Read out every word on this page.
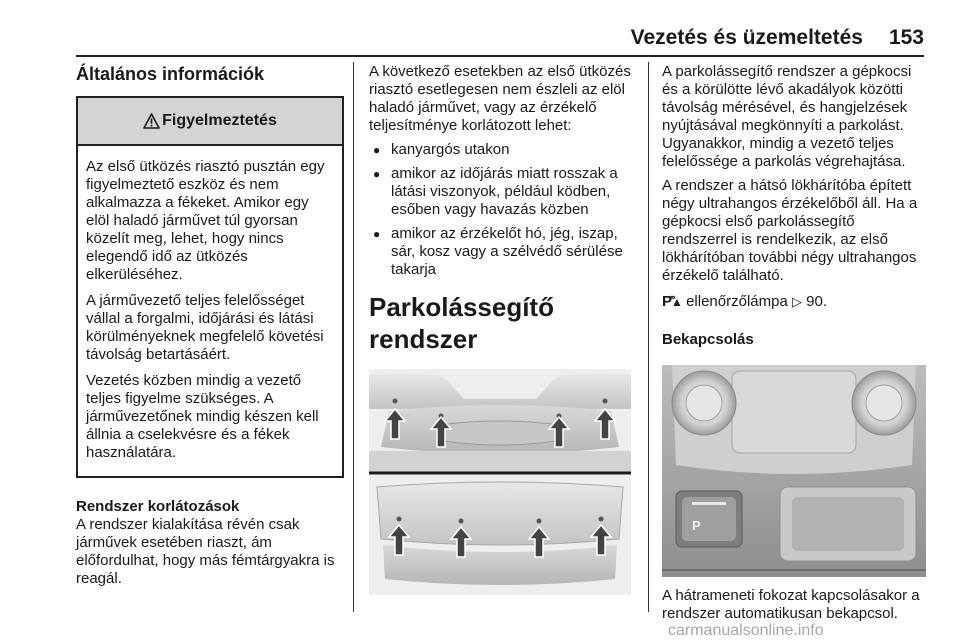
Vezetés és üzemeltetés 153
Általános információk
Figyelmeztetés

Az első ütközés riasztó pusztán egy figyelmeztető eszköz és nem alkalmazza a fékeket. Amikor egy elöl haladó járművet túl gyorsan közelít meg, lehet, hogy nincs elegendő idő az ütközés elkerüléséhez.

A járművezető teljes felelősséget vállal a forgalmi, időjárási és látási körülményeknek megfelelő követési távolság betartásáért.

Vezetés közben mindig a vezető teljes figyelme szükséges. A járművezetőnek mindig készen kell állnia a cselekvésre és a fékek használatára.

Rendszer korlátozások

A rendszer kialakítása révén csak járművek esetében riaszt, ám előfordulhat, hogy más fémtárgyakra is reagál.

A következő esetekben az első ütközés riasztó esetlegesen nem észleli az elöl haladó járművet, vagy az érzékelő teljesítménye korlátozott lehet:

● kanyargós utakon
● amikor az időjárás miatt rosszak a látási viszonyok, például ködben, esőben vagy havazás közben
● amikor az érzékelőt hó, jég, iszap, sár, kosz vagy a szélvédő sérülése takarja
Parkolássegítő rendszer

A parkolássegítő rendszer a gépkocsi és a körülötte lévő akadályok közötti távolság mérésével, és hangjelzések nyújtásával megkönnyíti a parkolást. Ugyanakkor, mindig a vezető teljes felelőssége a parkolás végrehajtása.

A rendszer a hátsó lökhárítóba épített négy ultrahangos érzékelőből áll. Ha a gépkocsi első parkolássegítő rendszerrel is rendelkezik, az első lökhárítóban további négy ultrahangos érzékelő található.

P᪲▲ ellenőrzőlámpa ▷ 90.

Bekapcsolás
P

A hátrameneti fokozat kapcsolásakor a rendszer automatikusan bekapcsol.

carmanualsonline.info
